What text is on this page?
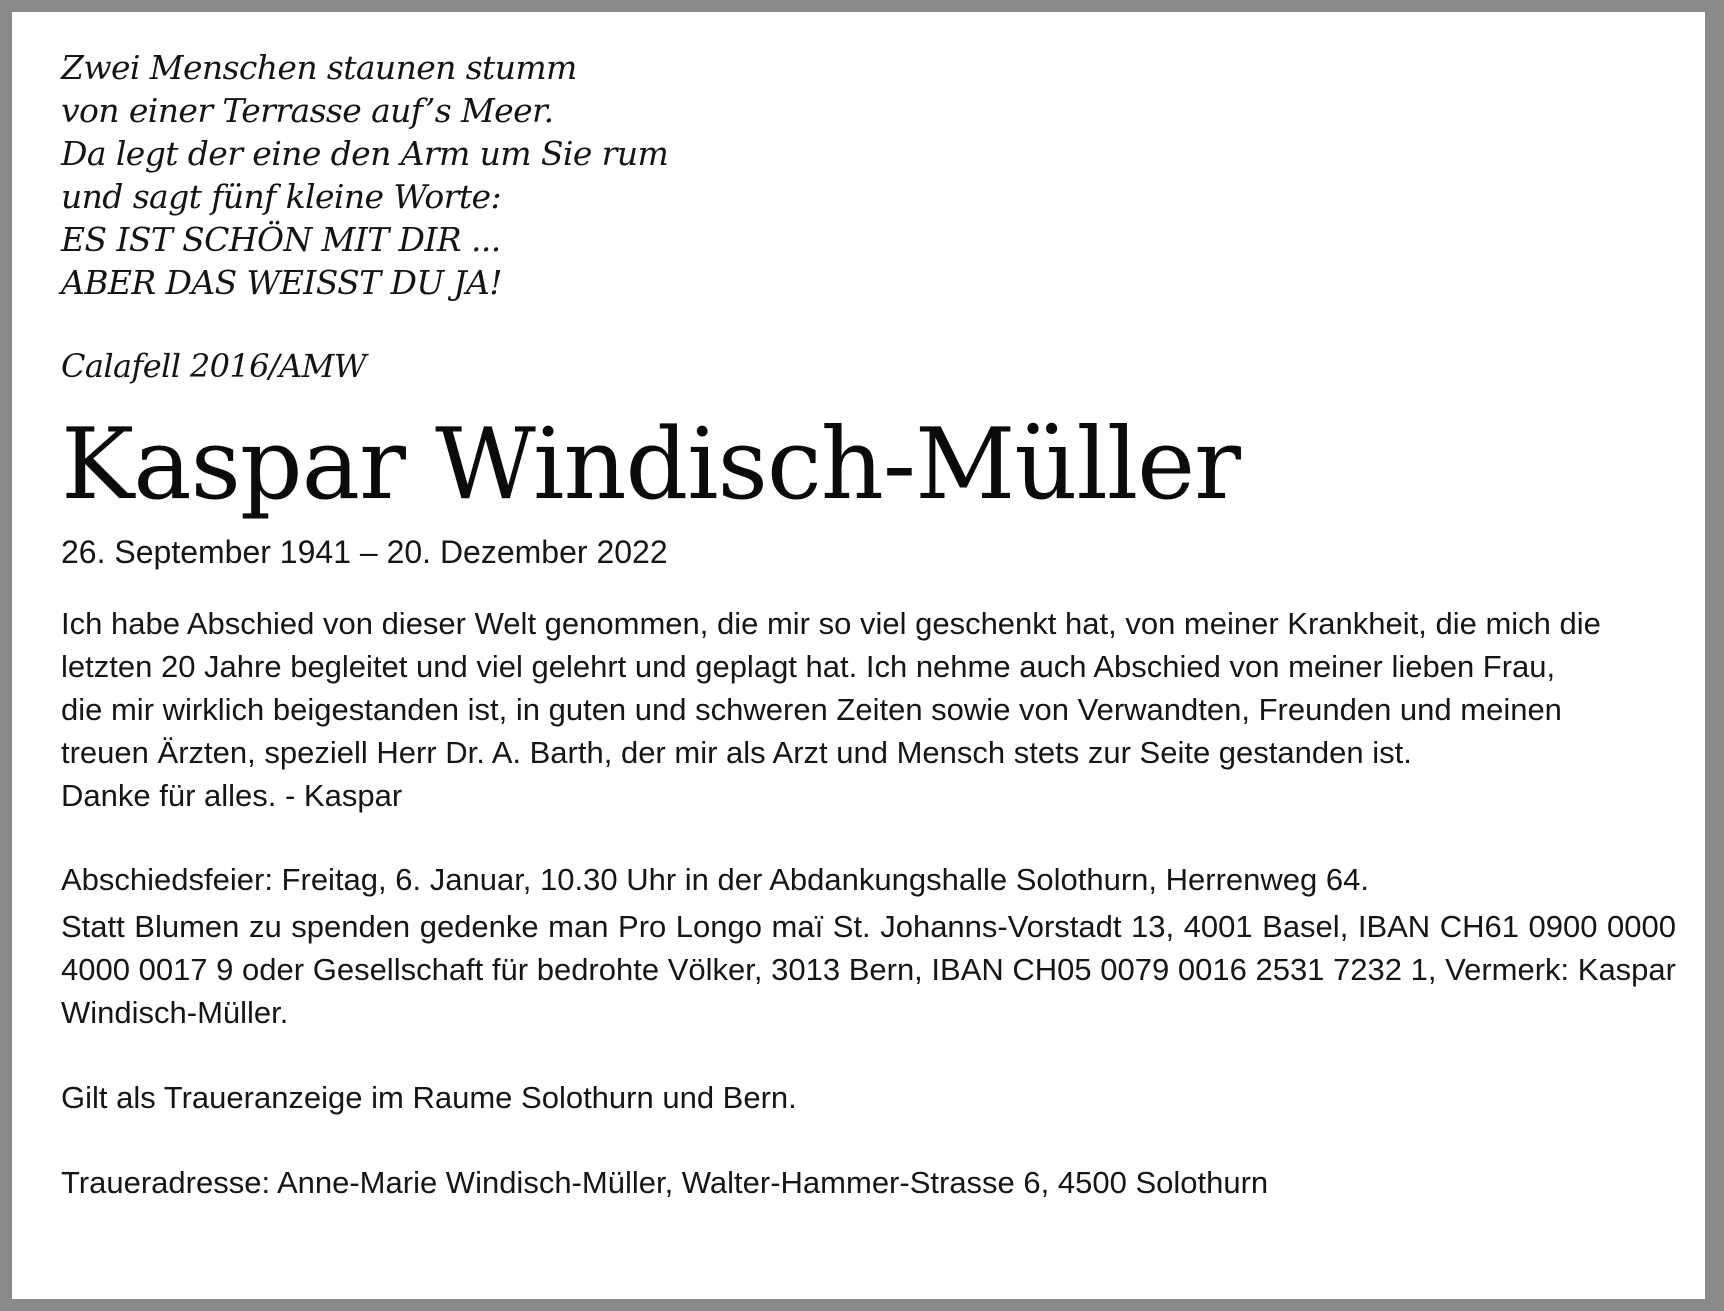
Zwei Menschen staunen stumm
von einer Terrasse auf’s Meer.
Da legt der eine den Arm um Sie rum
und sagt fünf kleine Worte:
ES IST SCHÖN MIT DIR ...
ABER DAS WEISST DU JA!
Calafell 2016/AMW
Kaspar Windisch-Müller
26. September 1941 – 20. Dezember 2022
Ich habe Abschied von dieser Welt genommen, die mir so viel geschenkt hat, von meiner Krankheit, die mich die
letzten 20 Jahre begleitet und viel gelehrt und geplagt hat. Ich nehme auch Abschied von meiner lieben Frau,
die mir wirklich beigestanden ist, in guten und schweren Zeiten sowie von Verwandten, Freunden und meinen
treuen Ärzten, speziell Herr Dr. A. Barth, der mir als Arzt und Mensch stets zur Seite gestanden ist.
Danke für alles. - Kaspar
Abschiedsfeier: Freitag, 6. Januar, 10.30 Uhr in der Abdankungshalle Solothurn, Herrenweg 64.
Statt Blumen zu spenden gedenke man Pro Longo maï St. Johanns-Vorstadt 13, 4001 Basel, IBAN CH61 0900 0000 4000 0017 9 oder Gesellschaft für bedrohte Völker, 3013 Bern, IBAN CH05 0079 0016 2531 7232 1, Vermerk: Kaspar Windisch-Müller.
Gilt als Traueranzeige im Raume Solothurn und Bern.
Traueradresse: Anne-Marie Windisch-Müller, Walter-Hammer-Strasse 6, 4500 Solothurn
